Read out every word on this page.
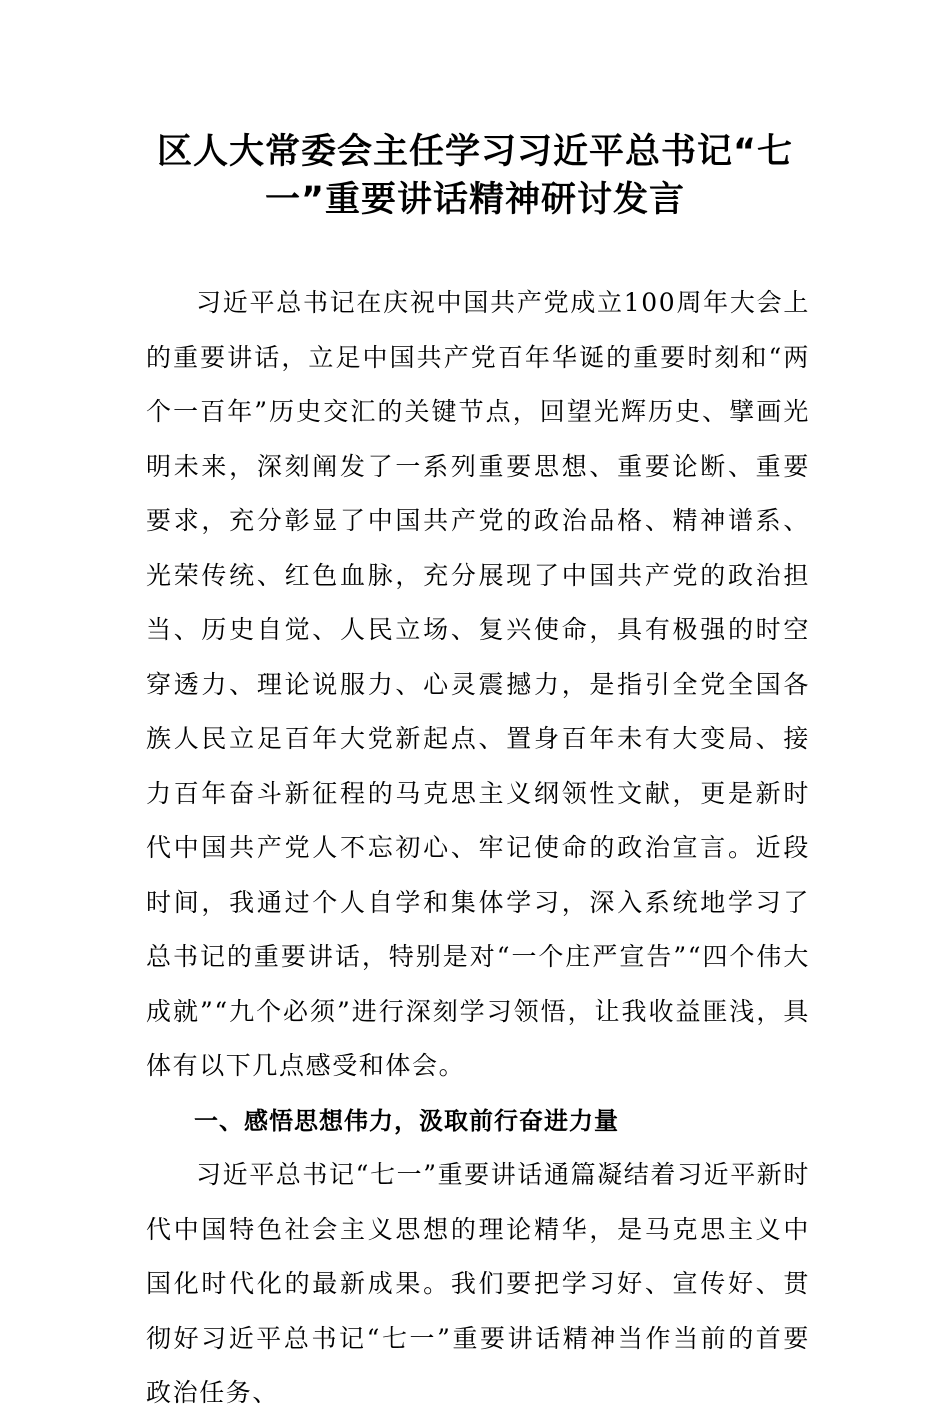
区人大常委会主任学习习近平总书记“七一”重要讲话精神研讨发言

习近平总书记在庆祝中国共产党成立100周年大会上的重要讲话，立足中国共产党百年华诞的重要时刻和“两个一百年”历史交汇的关键节点，回望光辉历史、擘画光明未来，深刻阐发了一系列重要思想、重要论断、重要要求，充分彰显了中国共产党的政治品格、精神谱系、光荣传统、红色血脉，充分展现了中国共产党的政治担当、历史自觉、人民立场、复兴使命，具有极强的时空穿透力、理论说服力、心灵震撼力，是指引全党全国各族人民立足百年大党新起点、置身百年未有大变局、接力百年奋斗新征程的马克思主义纲领性文献，更是新时代中国共产党人不忘初心、牢记使命的政治宣言。近段时间，我通过个人自学和集体学习，深入系统地学习了总书记的重要讲话，特别是对“一个庄严宣告”“四个伟大成就”“九个必须”进行深刻学习领悟，让我收益匪浅，具体有以下几点感受和体会。

一、感悟思想伟力，汲取前行奋进力量

习近平总书记“七一”重要讲话通篇凝结着习近平新时代中国特色社会主义思想的理论精华，是马克思主义中国化时代化的最新成果。我们要把学习好、宣传好、贯彻好习近平总书记“七一”重要讲话精神当作当前的首要政治任务、
